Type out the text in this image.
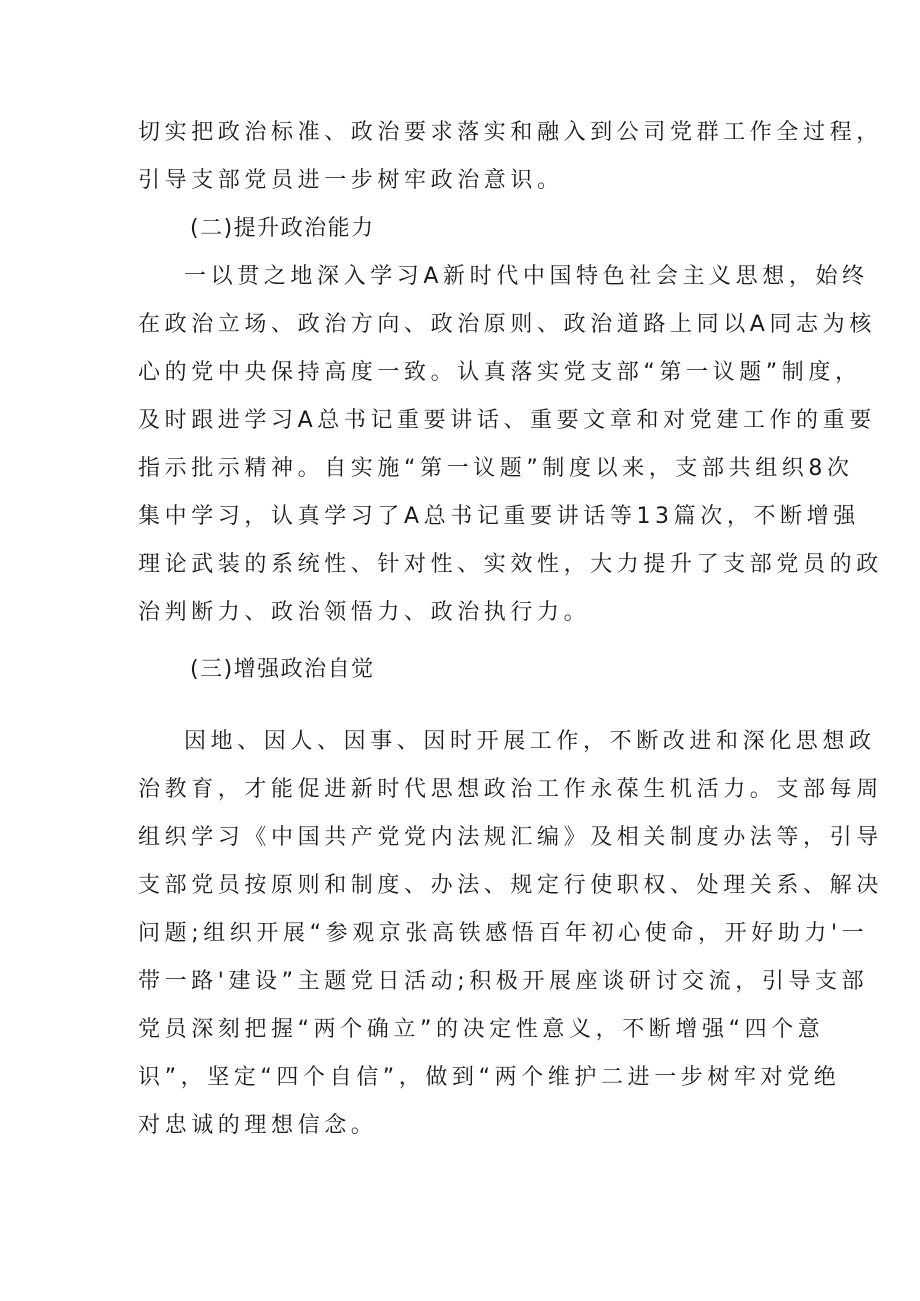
切实把政治标准、政治要求落实和融入到公司党群工作全过程，
引导支部党员进一步树牢政治意识。
(二)提升政治能力
一以贯之地深入学习A新时代中国特色社会主义思想，始终
在政治立场、政治方向、政治原则、政治道路上同以A同志为核
心的党中央保持高度一致。认真落实党支部“第一议题”制度，
及时跟进学习A总书记重要讲话、重要文章和对党建工作的重要
指示批示精神。自实施“第一议题”制度以来，支部共组织8次
集中学习，认真学习了A总书记重要讲话等13篇次，不断增强
理论武装的系统性、针对性、实效性，大力提升了支部党员的政
治判断力、政治领悟力、政治执行力。
(三)增强政治自觉
因地、因人、因事、因时开展工作，不断改进和深化思想政
治教育，才能促进新时代思想政治工作永葆生机活力。支部每周
组织学习《中国共产党党内法规汇编》及相关制度办法等，引导
支部党员按原则和制度、办法、规定行使职权、处理关系、解决
问题;组织开展“参观京张高铁感悟百年初心使命，开好助力'一
带一路'建设”主题党日活动;积极开展座谈研讨交流，引导支部
党员深刻把握“两个确立”的决定性意义，不断增强“四个意
识”，坚定“四个自信”，做到“两个维护二进一步树牢对党绝
对忠诚的理想信念。
